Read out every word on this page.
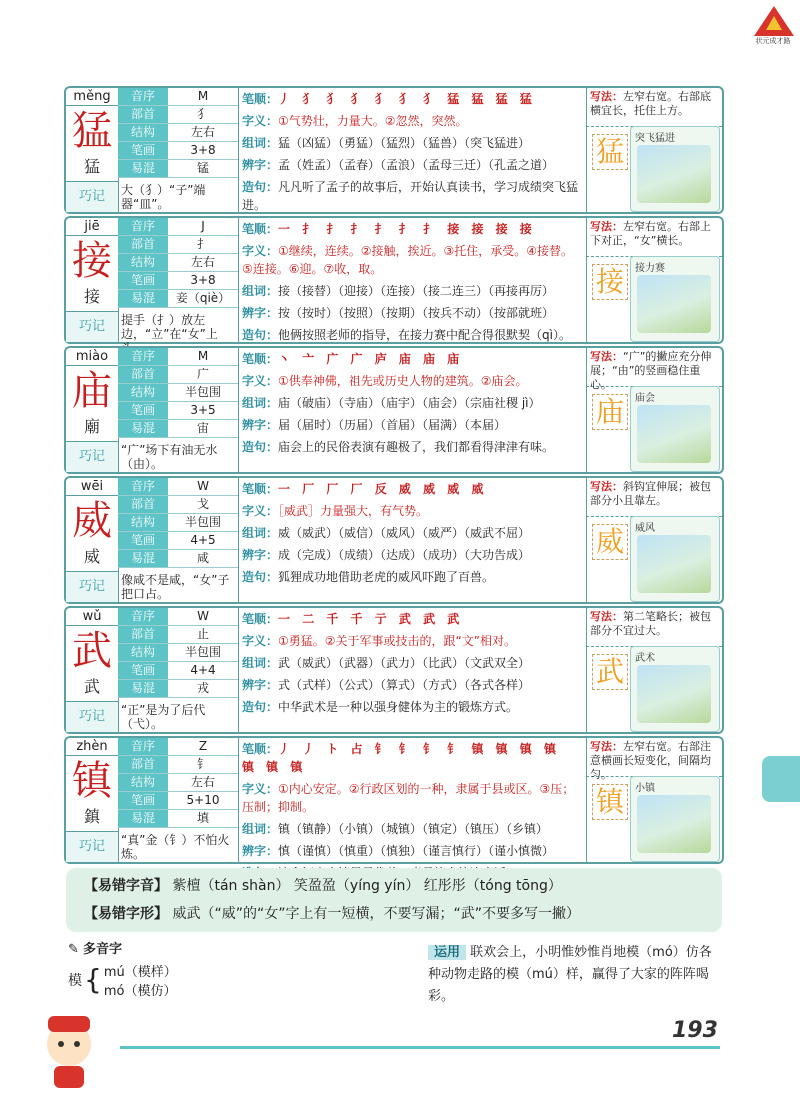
状元成才路
měng
猛
猛
巧记
音序	M
部首	犭
结构	左右
笔画	3+8
易混	锰
大（犭）“子”端器“皿”。
笔顺：丿 犭 犭 犭 犭 犭 犭 猛 猛 猛 猛
字义：①气势壮，力量大。②忽然，突然。
组词：猛（凶猛）（勇猛）（猛烈）（猛兽）（突飞猛进）
辨字：孟（姓孟）（孟春）（孟浪）（孟母三迁）（孔孟之道）
造句：凡凡听了孟子的故事后，开始认真读书，学习成绩突飞猛进。
写法：左窄右宽。右部底横宜长，托住上方。
猛	突飞猛进
jiē
接
接
巧记
音序	J
部首	扌
结构	左右
笔画	3+8
易混	妾（qiè）
提手（扌）放左边，“立”在“女”上
笔顺：一 扌 扌 扌 扌 扌 扌 接 接 接 接
字义：①继续，连续。②接触，挨近。③托住，承受。④接替。⑤连接。⑥迎。⑦收，取。
组词：接（接替）（迎接）（连接）（接二连三）（再接再厉）
辨字：按（按时）（按照）（按期）（按兵不动）（按部就班）
造句：他俩按照老师的指导，在接力赛中配合得很默契（qì）。
写法：左窄右宽。右部上下对正，“女”横长。
接	接力赛
miào
庙
廟
巧记
音序	M
部首	广
结构	半包围
笔画	3+5
易混	宙
“广”场下有油无水（由）。
笔顺：丶 亠 广 广 庐 庙 庙 庙
字义：①供奉神佛，祖先或历史人物的建筑。②庙会。
组词：庙（破庙）（寺庙）（庙宇）（庙会）（宗庙社稷 jì）
辨字：届（届时）（历届）（首届）（届满）（本届）
造句：庙会上的民俗表演有趣极了，我们都看得津津有味。
写法：“广”的撇应充分伸展；“由”的竖画稳住重心。
庙	庙会
wēi
威
威
巧记
音序	W
部首	戈
结构	半包围
笔画	4+5
易混	咸
像咸不是咸，“女”子把口占。
笔顺：一 厂 厂 厂 反 威 威 威 威
字义：［威武］力量强大，有气势。
组词：威（威武）（威信）（威风）（威严）（威武不屈）
辨字：成（完成）（成绩）（达成）（成功）（大功告成）
造句：狐狸成功地借助老虎的威风吓跑了百兽。
写法：斜钩宜伸展；被包部分小且靠左。
威	威风
wǔ
武
武
巧记
音序	W
部首	止
结构	半包围
笔画	4+4
易混	戎
“正”是为了后代（弋）。
笔顺：一 二 千 千 亍 武 武 武
字义：①勇猛。②关于军事或技击的，跟“文”相对。
组词：武（威武）（武器）（武力）（比武）（文武双全）
辨字：式（式样）（公式）（算式）（方式）（各式各样）
造句：中华武术是一种以强身健体为主的锻炼方式。
写法：第二笔略长；被包部分不宜过大。
武	武术
zhèn
镇
鎮
巧记
音序	Z
部首	钅
结构	左右
笔画	5+10
易混	填
“真”金（钅）不怕火炼。
笔顺：丿 丿 ト 占 钅 钅 钅 钅 镇 镇 镇 镇 镇 镇 镇
字义：①内心安定。②行政区划的一种，隶属于县或区。③压；压制；抑制。
组词：镇（镇静）（小镇）（城镇）（镇定）（镇压）（乡镇）
辨字：慎（谨慎）（慎重）（慎独）（谨言慎行）（谨小慎微）
写法：左窄右宽。右部注意横画长短变化，间隔均匀。
镇	小镇
【易错字音】 紫檀（tán shàn） 笑盈盈（yíng yín） 红彤彤（tóng tōng）
【易错字形】 威武（“威”的“女”字上有一短横，不要写漏；“武”不要多写一撇）
✎ 多音字
模 { mú（模样）
mó（模仿）
运用 联欢会上，小明惟妙惟肖地模（mó）仿各种动物走路的模（mú）样，赢得了大家的阵阵喝彩。
193
